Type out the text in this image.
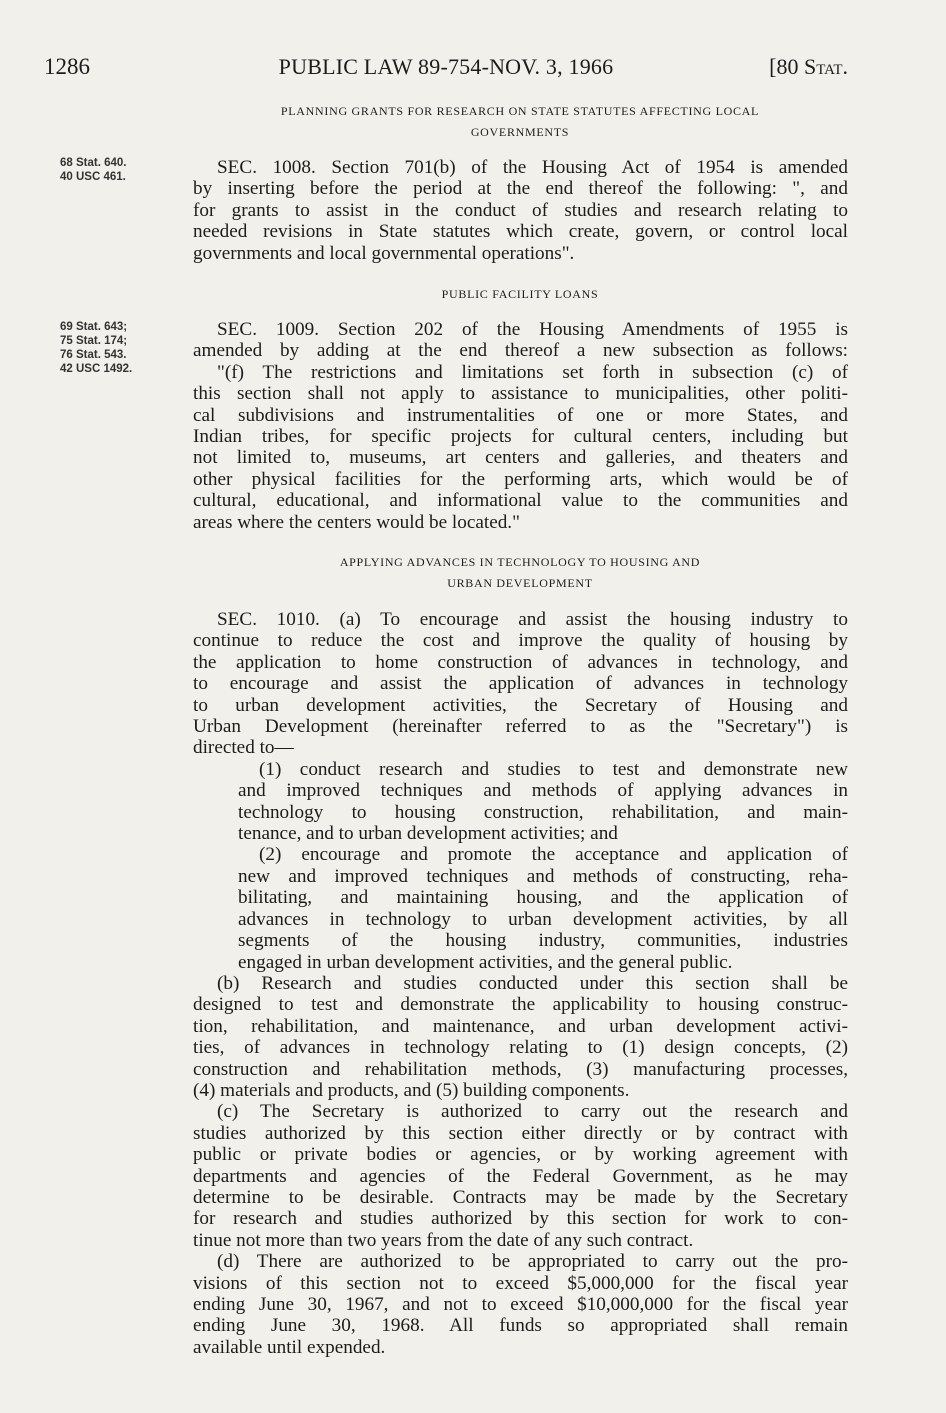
1286	PUBLIC LAW 89-754-NOV. 3, 1966	[80 Stat.
PLANNING GRANTS FOR RESEARCH ON STATE STATUTES AFFECTING LOCAL
GOVERNMENTS
68 Stat. 640.
40 USC 461.	SEC. 1008. Section 701(b) of the Housing Act of 1954 is amended
by inserting before the period at the end thereof the following: ", and
for grants to assist in the conduct of studies and research relating to
needed revisions in State statutes which create, govern, or control local
governments and local governmental operations".
PUBLIC FACILITY LOANS
69 Stat. 643;
75 Stat. 174;
76 Stat. 543.
42 USC 1492.
SEC. 1009. Section 202 of the Housing Amendments of 1955 is
amended by adding at the end thereof a new subsection as follows:
"(f) The restrictions and limitations set forth in subsection (c) of
this section shall not apply to assistance to municipalities, other politi-
cal subdivisions and instrumentalities of one or more States, and
Indian tribes, for specific projects for cultural centers, including but
not limited to, museums, art centers and galleries, and theaters and
other physical facilities for the performing arts, which would be of
cultural, educational, and informational value to the communities and
areas where the centers would be located."
APPLYING ADVANCES IN TECHNOLOGY TO HOUSING AND
URBAN DEVELOPMENT
SEC. 1010. (a) To encourage and assist the housing industry to
continue to reduce the cost and improve the quality of housing by
the application to home construction of advances in technology, and
to encourage and assist the application of advances in technology
to urban development activities, the Secretary of Housing and
Urban Development (hereinafter referred to as the "Secretary") is
directed to—
(1) conduct research and studies to test and demonstrate new
and improved techniques and methods of applying advances in
technology to housing construction, rehabilitation, and main-
tenance, and to urban development activities; and
(2) encourage and promote the acceptance and application of
new and improved techniques and methods of constructing, reha-
bilitating, and maintaining housing, and the application of
advances in technology to urban development activities, by all
segments of the housing industry, communities, industries
engaged in urban development activities, and the general public.
(b) Research and studies conducted under this section shall be
designed to test and demonstrate the applicability to housing construc-
tion, rehabilitation, and maintenance, and urban development activi-
ties, of advances in technology relating to (1) design concepts, (2)
construction and rehabilitation methods, (3) manufacturing processes,
(4) materials and products, and (5) building components.
(c) The Secretary is authorized to carry out the research and
studies authorized by this section either directly or by contract with
public or private bodies or agencies, or by working agreement with
departments and agencies of the Federal Government, as he may
determine to be desirable. Contracts may be made by the Secretary
for research and studies authorized by this section for work to con-
tinue not more than two years from the date of any such contract.
(d) There are authorized to be appropriated to carry out the pro-
visions of this section not to exceed $5,000,000 for the fiscal year
ending June 30, 1967, and not to exceed $10,000,000 for the fiscal year
ending June 30, 1968. All funds so appropriated shall remain
available until expended.
